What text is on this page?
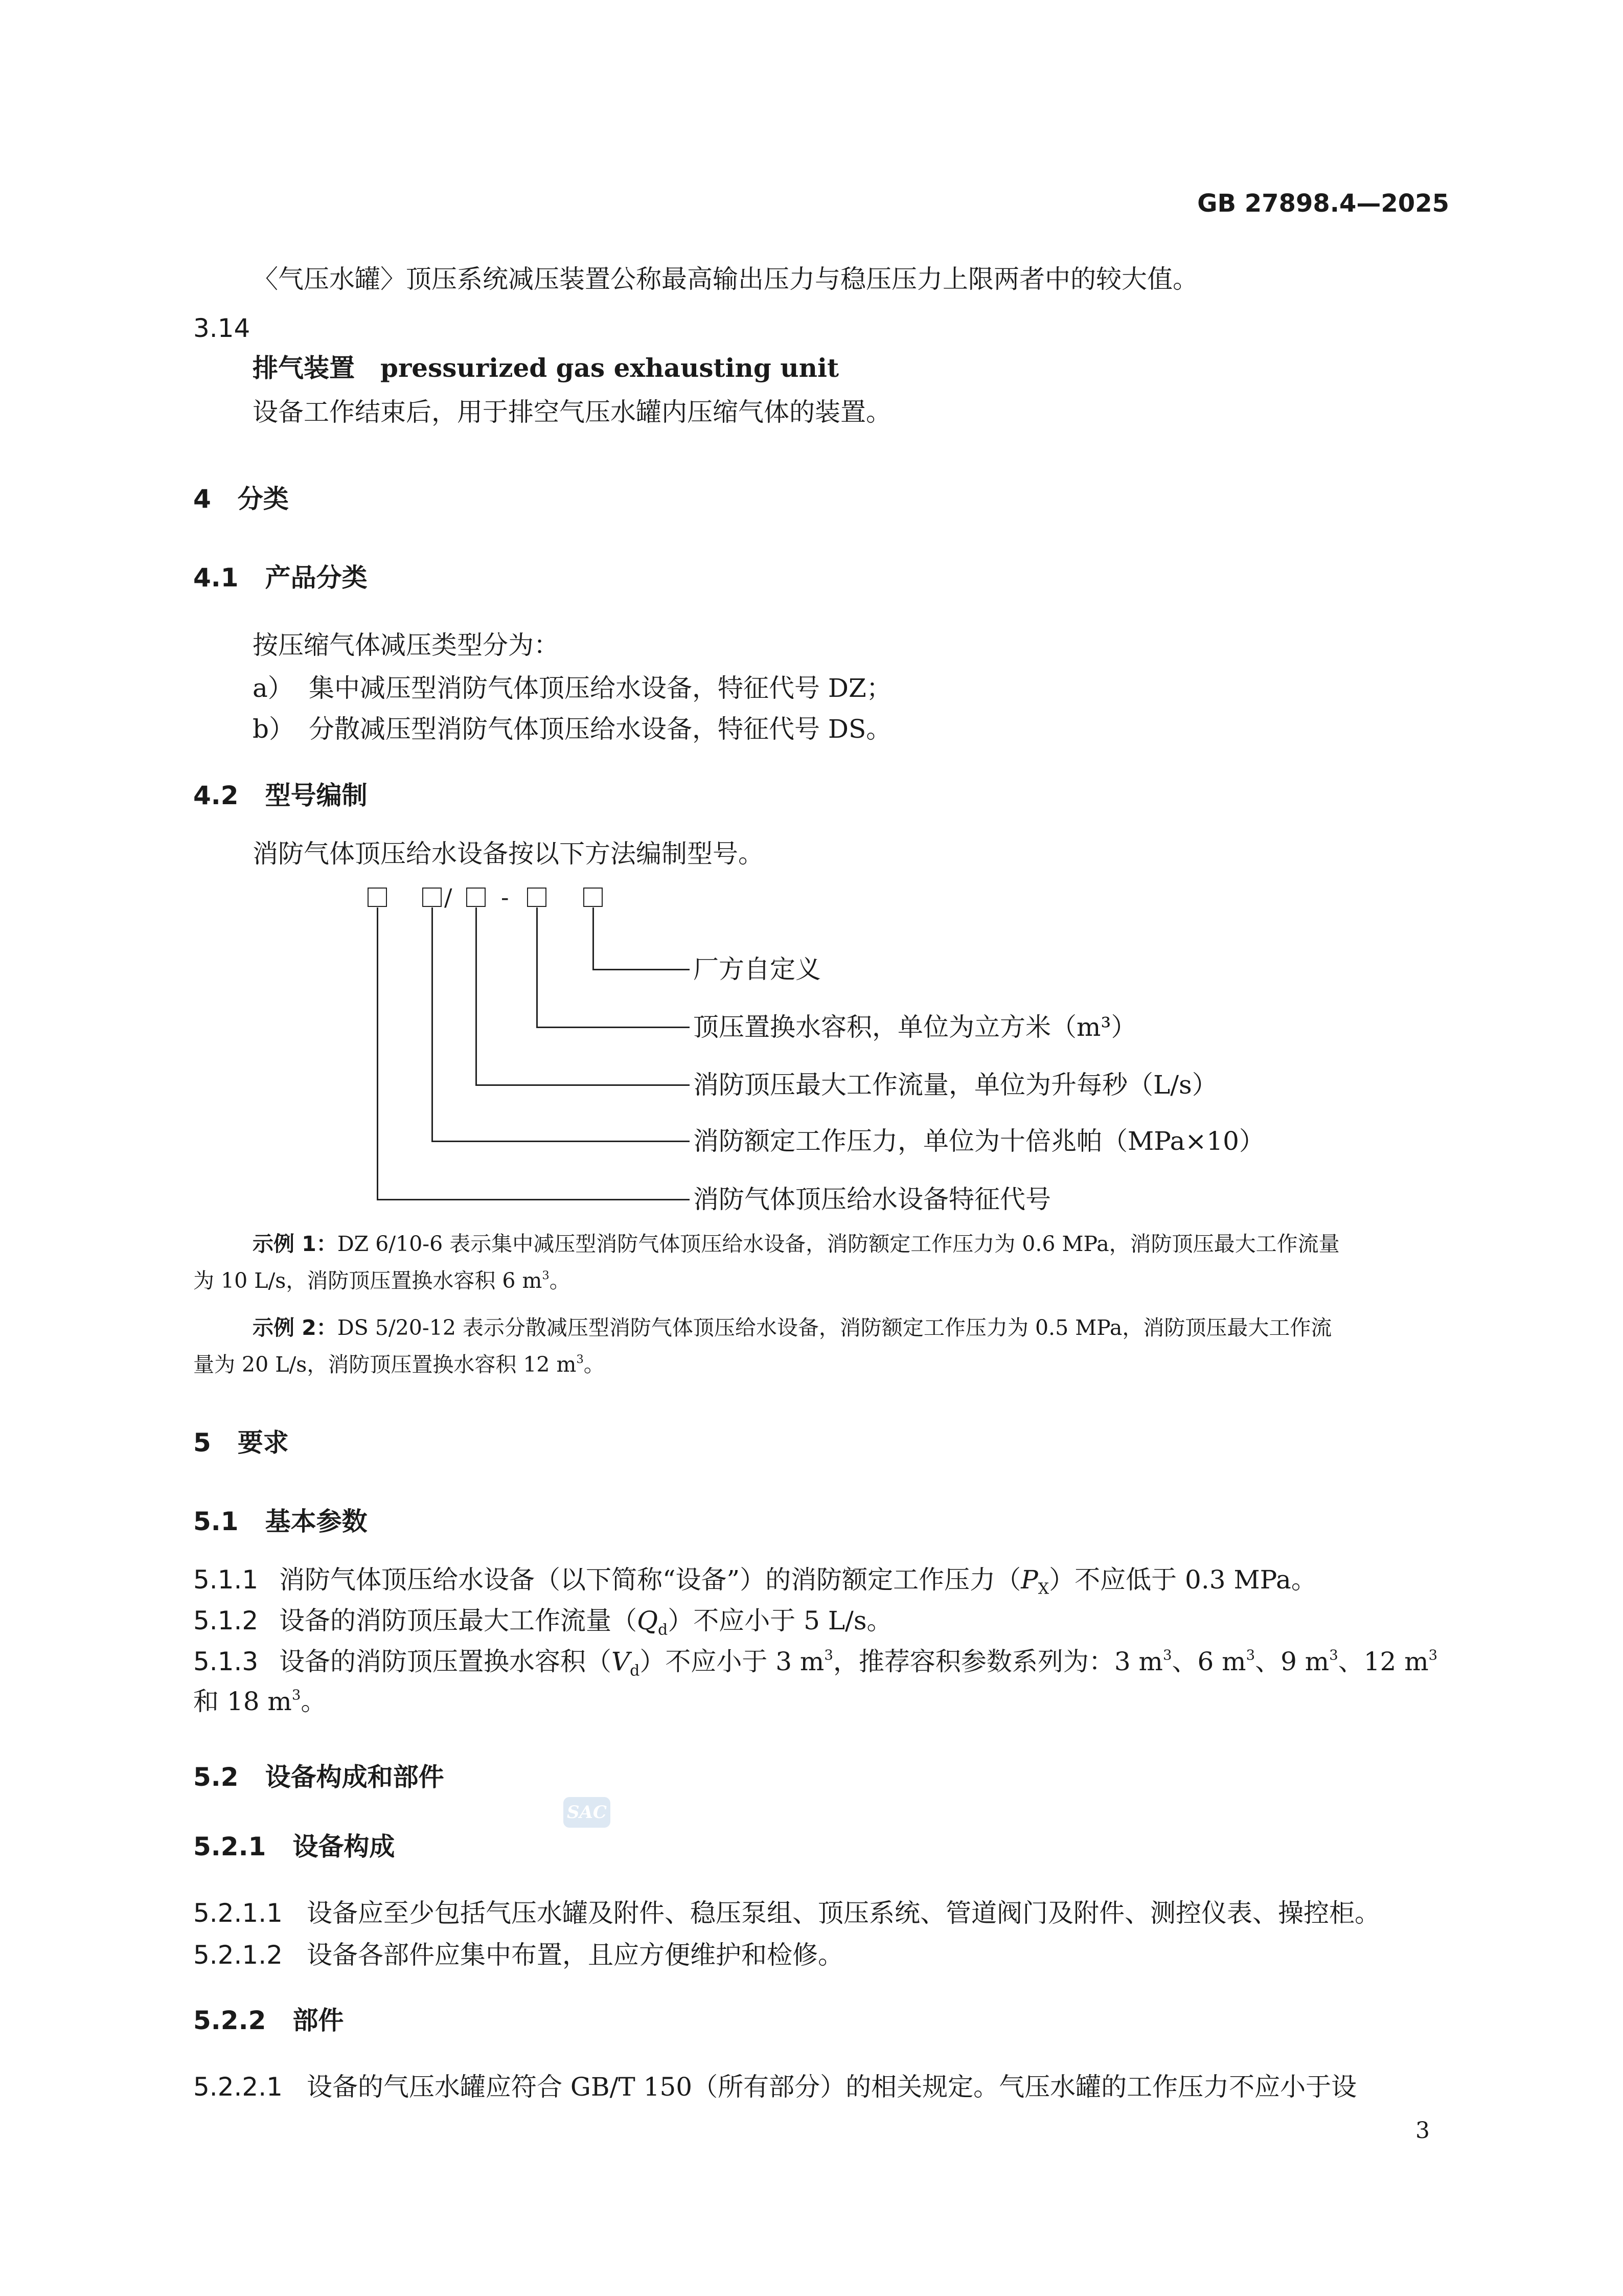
GB 27898.4—2025
〈气压水罐〉顶压系统减压装置公称最高输出压力与稳压压力上限两者中的较大值。
3.14
排气装置 pressurized gas exhausting unit
设备工作结束后，用于排空气压水罐内压缩气体的装置。
4 分类
4.1 产品分类
按压缩气体减压类型分为：
a） 集中减压型消防气体顶压给水设备，特征代号 DZ；
b） 分散减压型消防气体顶压给水设备，特征代号 DS。
4.2 型号编制
消防气体顶压给水设备按以下方法编制型号。
/ -
厂方自定义
顶压置换水容积，单位为立方米（m³）
消防顶压最大工作流量，单位为升每秒（L/s）
消防额定工作压力，单位为十倍兆帕（MPa×10）
消防气体顶压给水设备特征代号
示例 1：DZ 6/10-6 表示集中减压型消防气体顶压给水设备，消防额定工作压力为 0.6 MPa，消防顶压最大工作流量
为 10 L/s，消防顶压置换水容积 6 $m^3$。
示例 2：DS 5/20-12 表示分散减压型消防气体顶压给水设备，消防额定工作压力为 0.5 MPa，消防顶压最大工作流
量为 20 L/s，消防顶压置换水容积 12 $m^3$。
5 要求
5.1 基本参数
5.1.1 消防气体顶压给水设备（以下简称“设备”）的消防额定工作压力$(P_X)$不应低于 0.3 MPa。
5.1.2 设备的消防顶压最大工作流量$(Q_d)$不应小于 5 L/s。
5.1.3 设备的消防顶压置换水容积$(V_d)$不应小于 3 $m^3$，推荐容积参数系列为：3 $m^3$、6 $m^3$、9 $m^3$、12 $m^3$
和 18 $m^3$。
5.2 设备构成和部件
SAC
5.2.1 设备构成
5.2.1.1 设备应至少包括气压水罐及附件、稳压泵组、顶压系统、管道阀门及附件、测控仪表、操控柜。
5.2.1.2 设备各部件应集中布置，且应方便维护和检修。
5.2.2 部件
5.2.2.1 设备的气压水罐应符合 GB/T 150（所有部分）的相关规定。气压水罐的工作压力不应小于设
3
